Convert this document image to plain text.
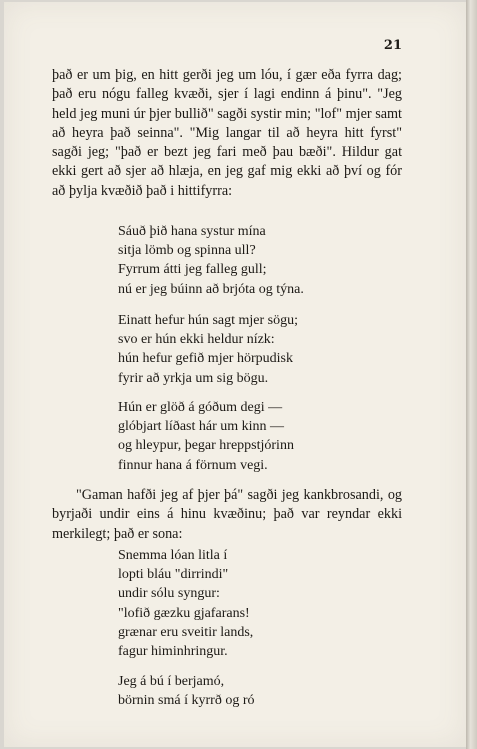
21

það er um þig, en hitt gerði jeg um lóu, í gær eða fyrra dag; það eru nógu falleg kvæði, sjer í lagi endinn á þinu". "Jeg held jeg muni úr þjer bullið" sagði systir min; "lof" mjer samt að heyra það seinna". "Mig langar til að heyra hitt fyrst" sagði jeg; "það er bezt jeg fari með þau bæði". Hildur gat ekki gert að sjer að hlæja, en jeg gaf mig ekki að því og fór að þylja kvæðið það i hittifyrra:

Sáuð þið hana systur mína
sitja lömb og spinna ull?
Fyrrum átti jeg falleg gull;
nú er jeg búinn að brjóta og týna.
Einatt hefur hún sagt mjer sögu;
svo er hún ekki heldur nízk:
hún hefur gefið mjer hörpudisk
fyrir að yrkja um sig bögu.
Hún er glöð á góðum degi —
glóbjart líðast hár um kinn —
og hleypur, þegar hreppstjórinn
finnur hana á förnum vegi.

"Gaman hafði jeg af þjer þá" sagði jeg kankbrosandi, og byrjaði undir eins á hinu kvæðinu; það var reyndar ekki merkilegt; það er sona:

Snemma lóan litla í
lopti bláu "dirrindi"
undir sólu syngur:
"lofið gæzku gjafarans!
grænar eru sveitir lands,
fagur himinhringur.
Jeg á bú í berjamó,
börnin smá í kyrrð og ró
